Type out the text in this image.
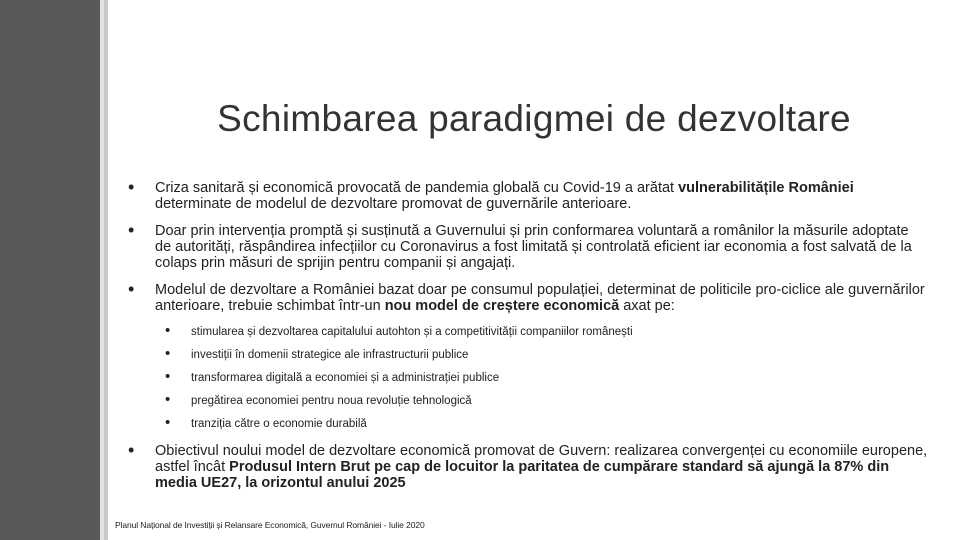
Schimbarea paradigmei de dezvoltare
• Criza sanitară și economică provocată de pandemia globală cu Covid-19 a arătat vulnerabilitățile României determinate de modelul de dezvoltare promovat de guvernările anterioare.
• Doar prin intervenția promptă și susținută a Guvernului și prin conformarea voluntară a românilor la măsurile adoptate de autorități, răspândirea infecțiilor cu Coronavirus a fost limitată și controlată eficient iar economia a fost salvată de la colaps prin măsuri de sprijin pentru companii și angajați.
• Modelul de dezvoltare a României bazat doar pe consumul populației, determinat de politicile pro-ciclice ale guvernărilor anterioare, trebuie schimbat într-un nou model de creștere economică axat pe:
• stimularea și dezvoltarea capitalului autohton și a competitivității companiilor românești
• investiții în domenii strategice ale infrastructurii publice
• transformarea digitală a economiei și a administrației publice
• pregătirea economiei pentru noua revoluție tehnologică
• tranziția către o economie durabilă
• Obiectivul noului model de dezvoltare economică promovat de Guvern: realizarea convergenței cu economiile europene, astfel încât Produsul Intern Brut pe cap de locuitor la paritatea de cumpărare standard să ajungă la 87% din media UE27, la orizontul anului 2025
Planul Național de Investiții și Relansare Economică, Guvernul României - Iulie 2020
